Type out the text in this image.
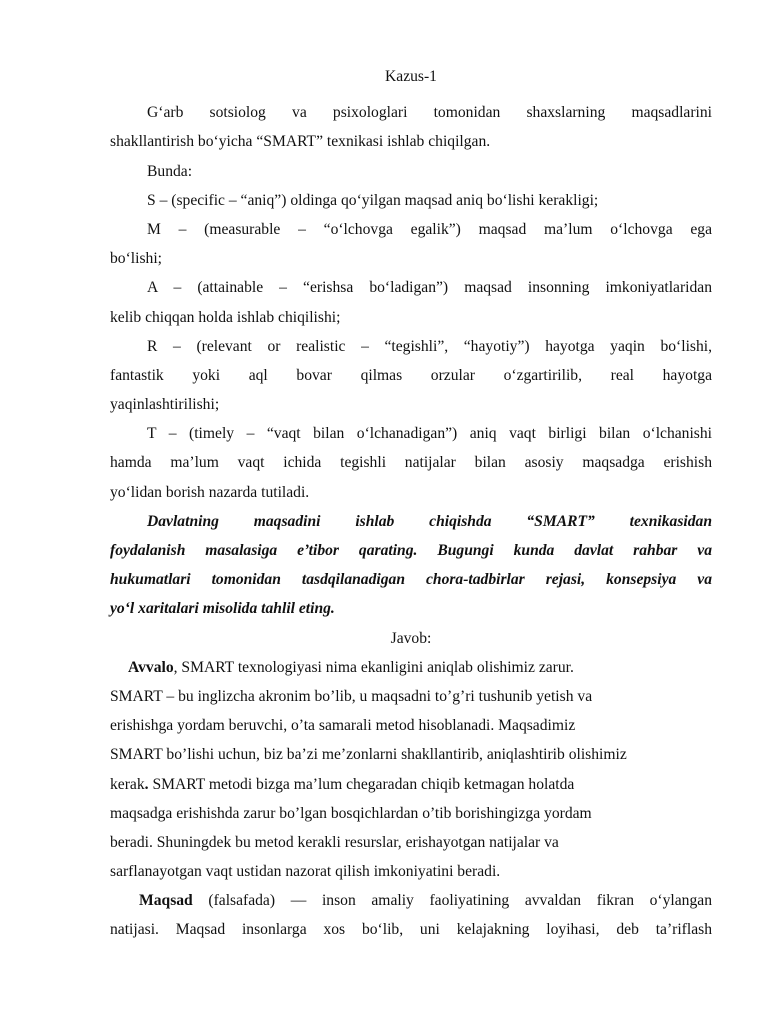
Kazus-1

G‘arb sotsiolog va psixologlari tomonidan shaxslarning maqsadlarini

shakllantirish bo‘yicha “SMART” texnikasi ishlab chiqilgan.

Bunda:

S – (specific – “aniq”) oldinga qo‘yilgan maqsad aniq bo‘lishi kerakligi;

M – (measurable – “o‘lchovga egalik”) maqsad ma’lum o‘lchovga ega

bo‘lishi;

A – (attainable – “erishsa bo‘ladigan”) maqsad insonning imkoniyatlaridan

kelib chiqqan holda ishlab chiqilishi;

R – (relevant or realistic – “tegishli”, “hayotiy”) hayotga yaqin bo‘lishi,

fantastik yoki aql bovar qilmas orzular o‘zgartirilib, real hayotga

yaqinlashtirilishi;

T – (timely – “vaqt bilan o‘lchanadigan”) aniq vaqt birligi bilan o‘lchanishi

hamda ma’lum vaqt ichida tegishli natijalar bilan asosiy maqsadga erishish

yo‘lidan borish nazarda tutiladi.

Davlatning maqsadini ishlab chiqishda “SMART” texnikasidan

foydalanish masalasiga e’tibor qarating. Bugungi kunda davlat rahbar va

hukumatlari tomonidan tasdqilanadigan chora-tadbirlar rejasi, konsepsiya va

yo‘l xaritalari misolida tahlil eting.

Javob:

Avvalo, SMART texnologiyasi nima ekanligini aniqlab olishimiz zarur.

SMART – bu inglizcha akronim bo’lib, u maqsadni to’g’ri tushunib yetish va

erishishga yordam beruvchi, o’ta samarali metod hisoblanadi. Maqsadimiz

SMART bo’lishi uchun, biz ba’zi me’zonlarni shakllantirib, aniqlashtirib olishimiz

kerak. SMART metodi bizga ma’lum chegaradan chiqib ketmagan holatda

maqsadga erishishda zarur bo’lgan bosqichlardan o’tib borishingizga yordam

beradi. Shuningdek bu metod kerakli resurslar, erishayotgan natijalar va

sarflanayotgan vaqt ustidan nazorat qilish imkoniyatini beradi.

Maqsad (falsafada) — inson amaliy faoliyatining avvaldan fikran o‘ylangan

natijasi. Maqsad insonlarga xos bo‘lib, uni kelajakning loyihasi, deb ta’riflash
